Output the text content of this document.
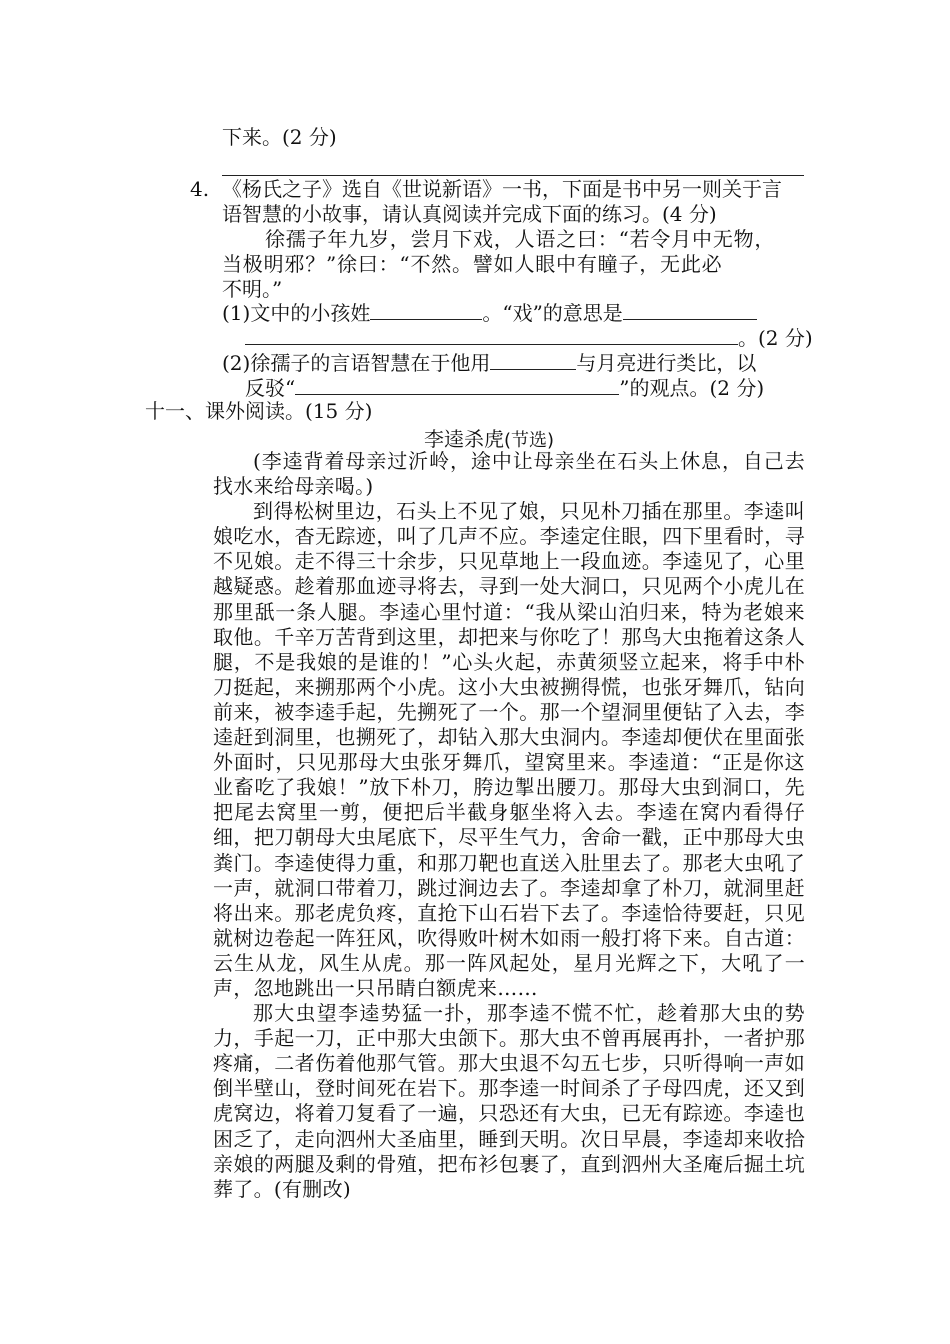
下来。(2 分)
4. 《杨氏之子》选自《世说新语》一书，下面是书中另一则关于言
语智慧的小故事，请认真阅读并完成下面的练习。(4 分)
徐孺子年九岁，尝月下戏，人语之曰：“若令月中无物，
当极明邪？”徐曰：“不然。譬如人眼中有瞳子，无此必
不明。”
(1)文中的小孩姓	。“戏”的意思是
。(2 分)
(2)徐孺子的言语智慧在于他用	与月亮进行类比，以
反驳“	”的观点。(2 分)
十一、课外阅读。(15 分)
李逵杀虎(节选)

(李逵背着母亲过沂岭，途中让母亲坐在石头上休息，自己去找水来给母亲喝。)

到得松树里边，石头上不见了娘，只见朴刀插在那里。李逵叫娘吃水，杳无踪迹，叫了几声不应。李逵定住眼，四下里看时，寻不见娘。走不得三十余步，只见草地上一段血迹。李逵见了，心里越疑惑。趁着那血迹寻将去，寻到一处大洞口，只见两个小虎儿在那里舐一条人腿。李逵心里忖道：“我从梁山泊归来，特为老娘来取他。千辛万苦背到这里，却把来与你吃了！那鸟大虫拖着这条人腿，不是我娘的是谁的！”心头火起，赤黄须竖立起来，将手中朴刀挺起，来搠那两个小虎。这小大虫被搠得慌，也张牙舞爪，钻向前来，被李逵手起，先搠死了一个。那一个望洞里便钻了入去，李逵赶到洞里，也搠死了，却钻入那大虫洞内。李逵却便伏在里面张外面时，只见那母大虫张牙舞爪，望窝里来。李逵道：“正是你这业畜吃了我娘！”放下朴刀，胯边掣出腰刀。那母大虫到洞口，先把尾去窝里一剪，便把后半截身躯坐将入去。李逵在窝内看得仔细，把刀朝母大虫尾底下，尽平生气力，舍命一戳，正中那母大虫粪门。李逵使得力重，和那刀靶也直送入肚里去了。那老大虫吼了一声，就洞口带着刀，跳过涧边去了。李逵却拿了朴刀，就洞里赶将出来。那老虎负疼，直抢下山石岩下去了。李逵恰待要赶，只见就树边卷起一阵狂风，吹得败叶树木如雨一般打将下来。自古道：云生从龙，风生从虎。那一阵风起处，星月光辉之下，大吼了一声，忽地跳出一只吊睛白额虎来……

那大虫望李逵势猛一扑，那李逵不慌不忙，趁着那大虫的势力，手起一刀，正中那大虫颌下。那大虫不曾再展再扑，一者护那疼痛，二者伤着他那气管。那大虫退不勾五七步，只听得响一声如倒半壁山，登时间死在岩下。那李逵一时间杀了子母四虎，还又到虎窝边，将着刀复看了一遍，只恐还有大虫，已无有踪迹。李逵也困乏了，走向泗州大圣庙里，睡到天明。次日早晨，李逵却来收拾亲娘的两腿及剩的骨殖，把布衫包裹了，直到泗州大圣庵后掘土坑葬了。(有删改)
